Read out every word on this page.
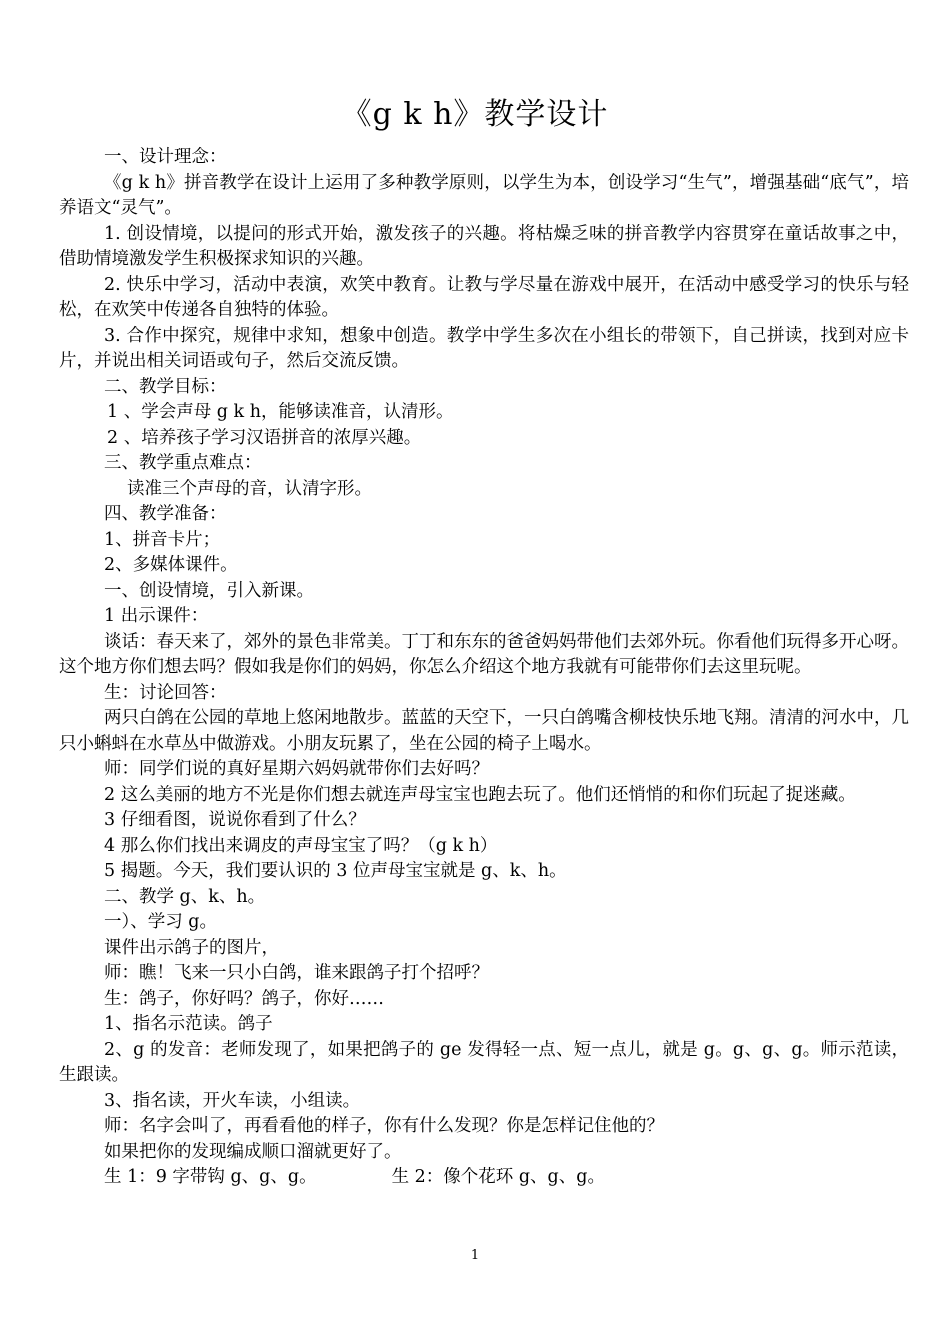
《g k h》教学设计

一、设计理念：

《g k h》拼音教学在设计上运用了多种教学原则，以学生为本，创设学习“生气”，增强基础“底气”，培养语文“灵气”。

1. 创设情境，以提问的形式开始，激发孩子的兴趣。将枯燥乏味的拼音教学内容贯穿在童话故事之中，借助情境激发学生积极探求知识的兴趣。

2. 快乐中学习，活动中表演，欢笑中教育。让教与学尽量在游戏中展开，在活动中感受学习的快乐与轻松，在欢笑中传递各自独特的体验。

3. 合作中探究，规律中求知，想象中创造。教学中学生多次在小组长的带领下，自己拼读，找到对应卡片，并说出相关词语或句子，然后交流反馈。

二、教学目标：

1 、学会声母 g k h，能够读准音，认清形。

2 、培养孩子学习汉语拼音的浓厚兴趣。

三、教学重点难点：

读准三个声母的音，认清字形。

四、教学准备：

1、拼音卡片；

2、多媒体课件。

一、创设情境，引入新课。

1 出示课件：

谈话：春天来了，郊外的景色非常美。丁丁和东东的爸爸妈妈带他们去郊外玩。你看他们玩得多开心呀。这个地方你们想去吗？假如我是你们的妈妈，你怎么介绍这个地方我就有可能带你们去这里玩呢。

生：讨论回答：

两只白鸽在公园的草地上悠闲地散步。蓝蓝的天空下，一只白鸽嘴含柳枝快乐地飞翔。清清的河水中，几只小蝌蚪在水草丛中做游戏。小朋友玩累了，坐在公园的椅子上喝水。

师：同学们说的真好星期六妈妈就带你们去好吗？

2 这么美丽的地方不光是你们想去就连声母宝宝也跑去玩了。他们还悄悄的和你们玩起了捉迷藏。

3 仔细看图，说说你看到了什么？

4 那么你们找出来调皮的声母宝宝了吗？（g k h）

5 揭题。今天，我们要认识的 3 位声母宝宝就是 g、k、h。

二、教学 g、k、h。

一）、学习 g。

课件出示鸽子的图片，

师：瞧！飞来一只小白鸽，谁来跟鸽子打个招呼？

生：鸽子，你好吗？鸽子，你好……

1、指名示范读。鸽子

2、g 的发音：老师发现了，如果把鸽子的 ge 发得轻一点、短一点儿，就是 g。g、g、g。师示范读，生跟读。

3、指名读，开火车读，小组读。

师：名字会叫了，再看看他的样子，你有什么发现？你是怎样记住他的？

如果把你的发现编成顺口溜就更好了。

生 1：9 字带钩 g、g、g。	生 2：像个花环 g、g、g。

1
